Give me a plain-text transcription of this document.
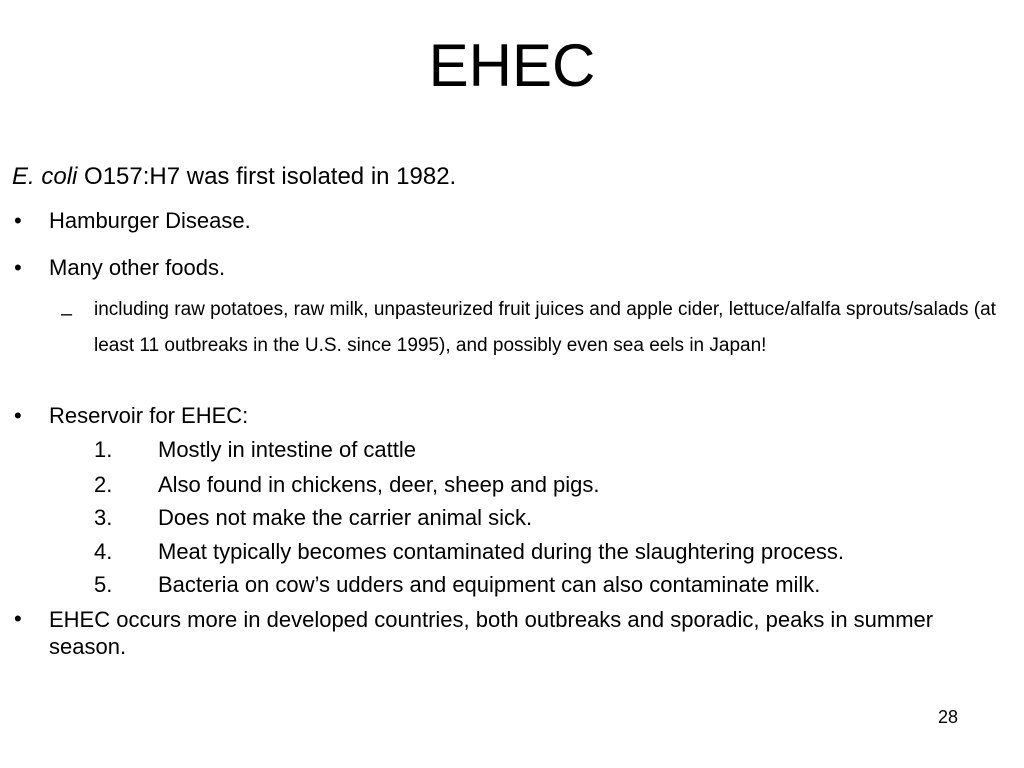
EHEC
E. coli O157:H7 was first isolated in 1982.
• Hamburger Disease.
• Many other foods.
– including raw potatoes, raw milk, unpasteurized fruit juices and apple cider, lettuce/alfalfa sprouts/salads (at least 11 outbreaks in the U.S. since 1995), and possibly even sea eels in Japan!
• Reservoir for EHEC:
1. Mostly in intestine of cattle
2. Also found in chickens, deer, sheep and pigs.
3. Does not make the carrier animal sick.
4. Meat typically becomes contaminated during the slaughtering process.
5. Bacteria on cow’s udders and equipment can also contaminate milk.
• EHEC occurs more in developed countries, both outbreaks and sporadic, peaks in summer season.
28
